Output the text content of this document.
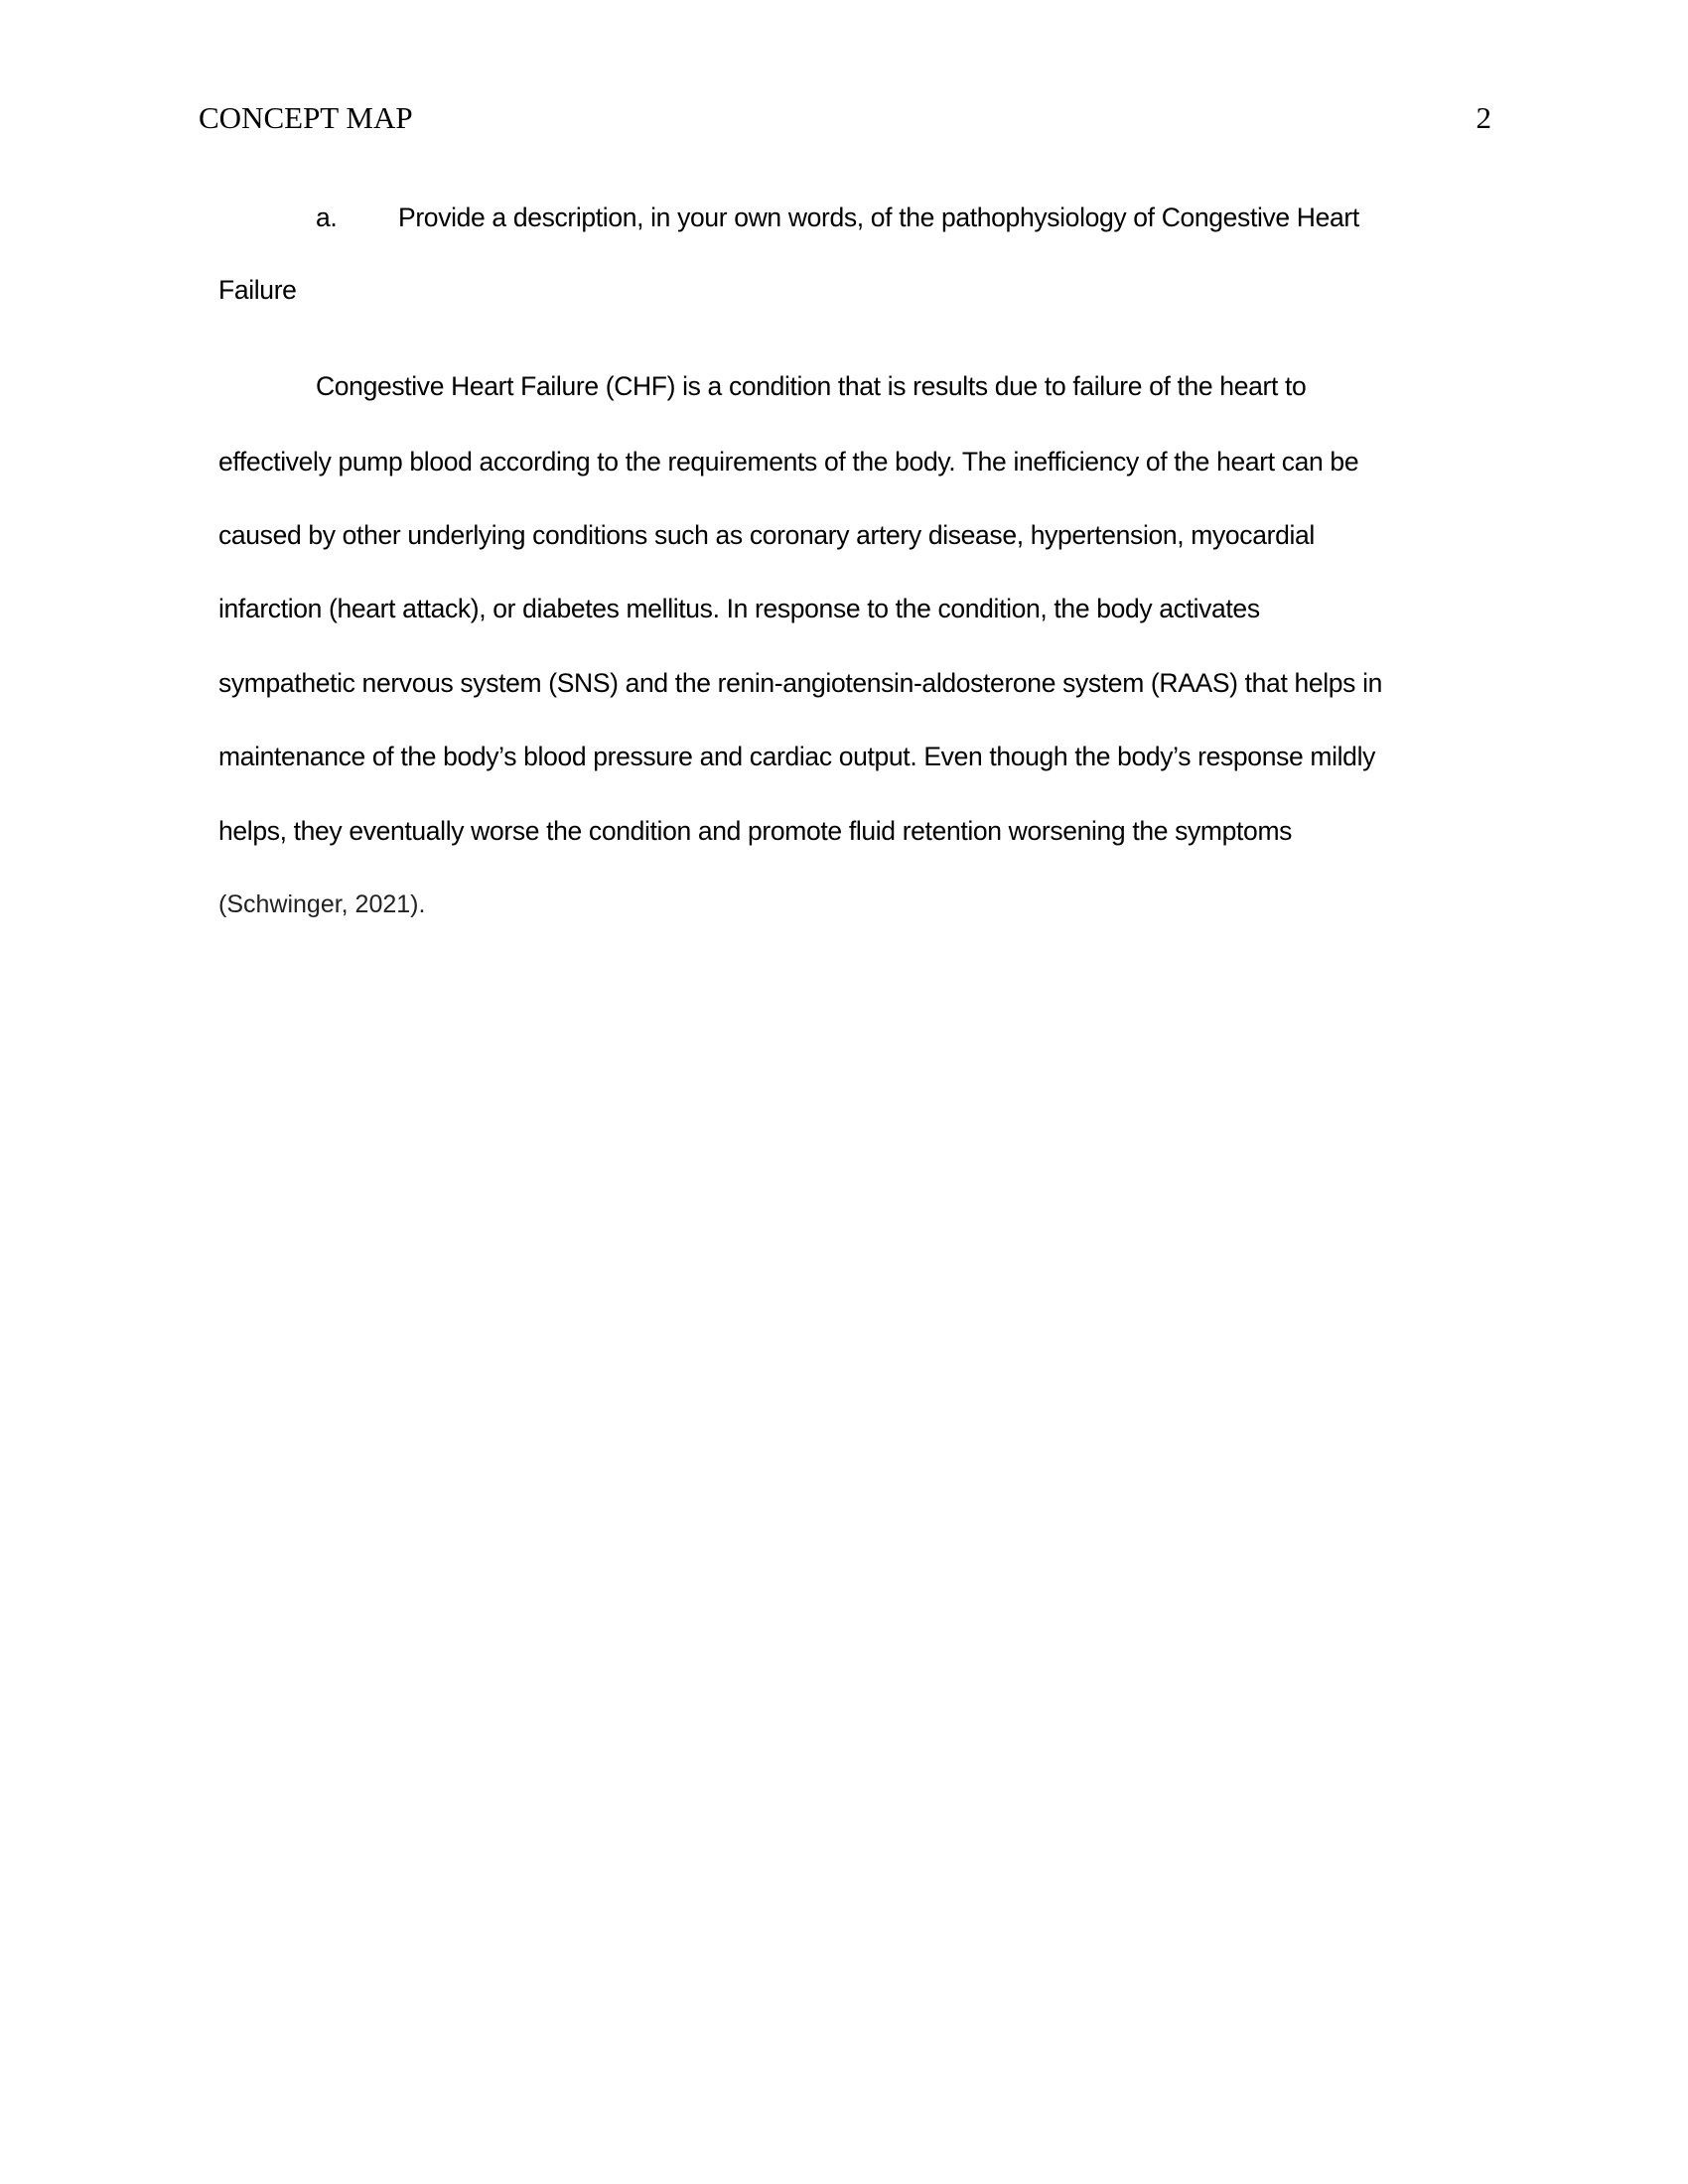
CONCEPT MAP	2
a. Provide a description, in your own words, of the pathophysiology of Congestive Heart
Failure
Congestive Heart Failure (CHF) is a condition that is results due to failure of the heart to
effectively pump blood according to the requirements of the body. The inefficiency of the heart can be
caused by other underlying conditions such as coronary artery disease, hypertension, myocardial
infarction (heart attack), or diabetes mellitus. In response to the condition, the body activates
sympathetic nervous system (SNS) and the renin-angiotensin-aldosterone system (RAAS) that helps in
maintenance of the body’s blood pressure and cardiac output. Even though the body’s response mildly
helps, they eventually worse the condition and promote fluid retention worsening the symptoms
(Schwinger, 2021).
